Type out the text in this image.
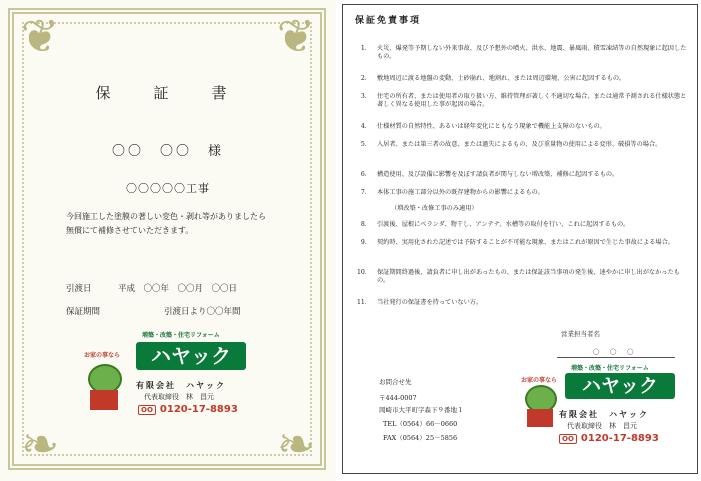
❦	❦
❧	❧
保　証　書
〇〇　〇〇　様
〇〇〇〇〇工事
今回施工した塗膜の著しい変色・剥れ等がありましたら
無償にて補修させていただきます。
引渡日	平成　〇〇年　〇〇月　〇〇日
保証期間	引渡日より〇〇年間
増築・改築・住宅リフォーム
ハヤック
お家の事なら
有限会社　ハヤック
代表取締役　林　昌元
OO 0120-17-8893
保証免責事項
1． 火災、爆発等予期しない外来事故、及び予想外の噴火、洪水、地震、暴風雨、積雪凍結等の自然現象に起因したもの。
2． 敷地周辺に渡る地盤の変動、土砂崩れ、地割れ、または周辺環境、公害に起因するもの。
3． 住宅の所有者、または使用者の取り扱い方、維持管理が著しく不適切な場合、または通常予測される仕様状態と著しく異なる使用した事が起因の場合。
4． 仕様材質の自然特性、あるいは経年変化にともなう現象で機能上支障のないもの。
5． 入居者、または第三者の故意、または過失によるもの、及び重量物の使用による変形、破損等の場合。
6． 構造使用、及び設備に影響を及ぼす請負者が関与しない増改築、補修に起因するもの。
7． 本体工事の施工部分以外の既存建物からの影響によるもの。
（増改築・改修工事のみ適用）
8． 引渡後、屋根にベランダ、物干し、アンテナ、水槽等の取付を行い、これに起因するもの。
9． 契約時、実用化された記述では予防することが不可能な現象、またはこれが原因で生じた事故による場合。
10． 保証期間終過後、請負者に申し出があったもの、または保証該当事項の発生後、速やかに申し出がなかったもの。
11． 当社発行の保証書を持っていない方。
営業担当者名
〇　〇　〇
お問合せ先
〒444-0007
岡崎市大平町字森下９番地１
TEL（0564）66－0660
FAX（0564）25－5856
増築・改築・住宅リフォーム
ハヤック
お家の事なら
有限会社　ハヤック
代表取締役　林　昌元
OO 0120-17-8893
